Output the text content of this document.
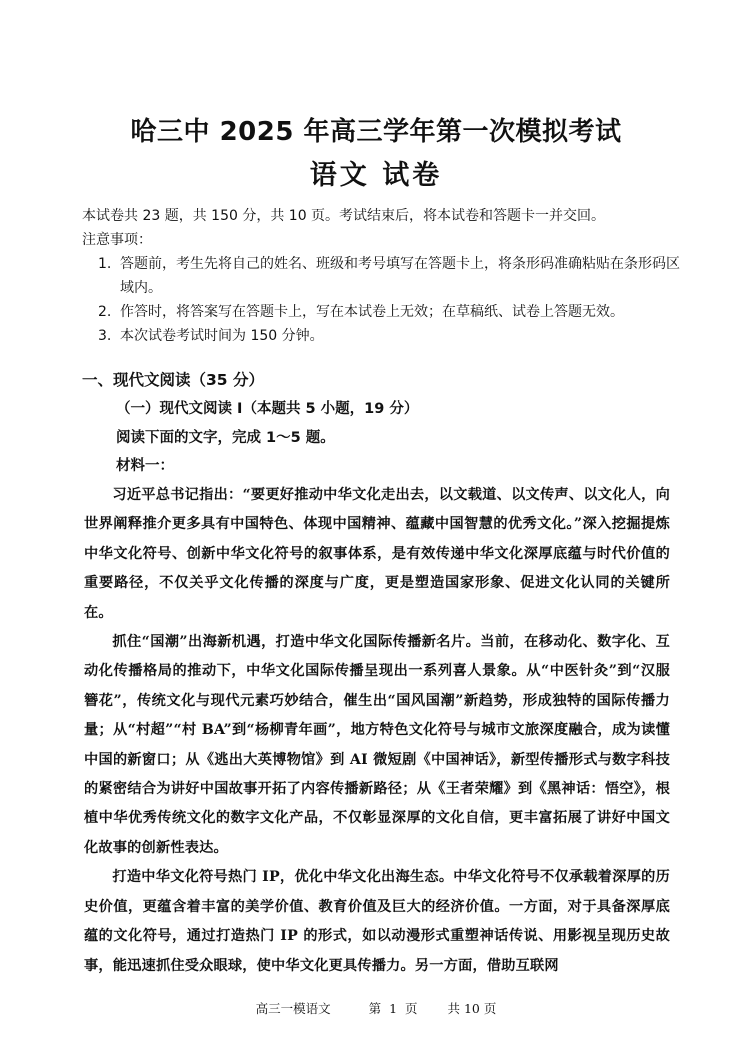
哈三中 2025 年高三学年第一次模拟考试
语文 试卷
本试卷共 23 题，共 150 分，共 10 页。考试结束后，将本试卷和答题卡一并交回。
注意事项：
1. 答题前，考生先将自己的姓名、班级和考号填写在答题卡上，将条形码准确粘贴在条形码区域内。
2. 作答时，将答案写在答题卡上，写在本试卷上无效；在草稿纸、试卷上答题无效。
3. 本次试卷考试时间为 150 分钟。
一、现代文阅读（35 分）
（一）现代文阅读 I（本题共 5 小题，19 分）
阅读下面的文字，完成 1～5 题。
材料一：

习近平总书记指出：“要更好推动中华文化走出去，以文载道、以文传声、以文化人，向世界阐释推介更多具有中国特色、体现中国精神、蕴藏中国智慧的优秀文化。”深入挖掘提炼中华文化符号、创新中华文化符号的叙事体系，是有效传递中华文化深厚底蕴与时代价值的重要路径，不仅关乎文化传播的深度与广度，更是塑造国家形象、促进文化认同的关键所在。

抓住“国潮”出海新机遇，打造中华文化国际传播新名片。当前，在移动化、数字化、互动化传播格局的推动下，中华文化国际传播呈现出一系列喜人景象。从“中医针灸”到“汉服簪花”，传统文化与现代元素巧妙结合，催生出“国风国潮”新趋势，形成独特的国际传播力量；从“村超”“村 BA”到“杨柳青年画”，地方特色文化符号与城市文旅深度融合，成为读懂中国的新窗口；从《逃出大英博物馆》到 AI 微短剧《中国神话》，新型传播形式与数字科技的紧密结合为讲好中国故事开拓了内容传播新路径；从《王者荣耀》到《黑神话：悟空》，根植中华优秀传统文化的数字文化产品，不仅彰显深厚的文化自信，更丰富拓展了讲好中国文化故事的创新性表达。

打造中华文化符号热门 IP，优化中华文化出海生态。中华文化符号不仅承载着深厚的历史价值，更蕴含着丰富的美学价值、教育价值及巨大的经济价值。一方面，对于具备深厚底蕴的文化符号，通过打造热门 IP 的形式，如以动漫形式重塑神话传说、用影视呈现历史故事，能迅速抓住受众眼球，使中华文化更具传播力。另一方面，借助互联网

高三一模语文	第  1  页 共 10 页
